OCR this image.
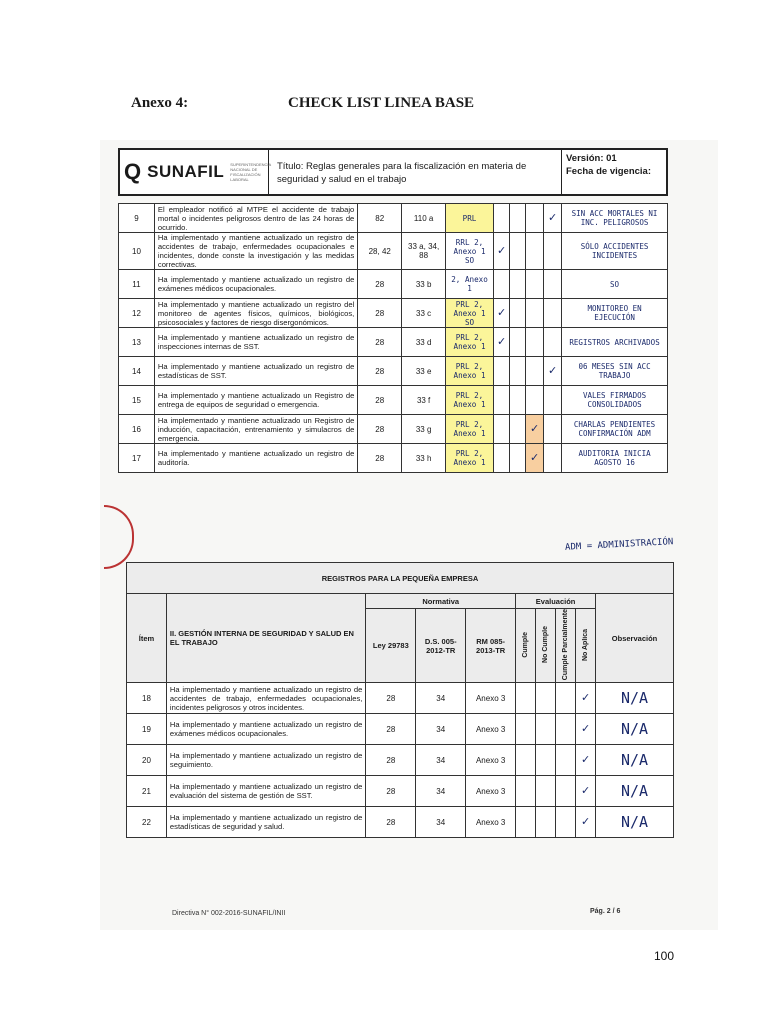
Anexo 4:	CHECK LIST LINEA BASE
Q SUNAFIL SUPERINTENDENCIA NACIONAL DE FISCALIZACIÓN LABORAL
Título: Reglas generales para la fiscalización en materia de seguridad y salud en el trabajo
Versión: 01
Fecha de vigencia:
9	El empleador notificó al MTPE el accidente de trabajo mortal o incidentes peligrosos dentro de las 24 horas de ocurrido.	82	110 a	PRL				✓	SIN ACC MORTALES NI INC. PELIGROSOS
10	Ha implementado y mantiene actualizado un registro de accidentes de trabajo, enfermedades ocupacionales e incidentes, donde conste la investigación y las medidas correctivas.	28, 42	33 a, 34, 88	RRL 2, Anexo 1 SO	✓				SÓLO ACCIDENTES INCIDENTES
11	Ha implementado y mantiene actualizado un registro de exámenes médicos ocupacionales.	28	33 b	2, Anexo 1					SO
12	Ha implementado y mantiene actualizado un registro del monitoreo de agentes físicos, químicos, biológicos, psicosociales y factores de riesgo disergonómicos.	28	33 c	PRL 2, Anexo 1 SO	✓				MONITOREO EN EJECUCIÓN
13	Ha implementado y mantiene actualizado un registro de inspecciones internas de SST.	28	33 d	PRL 2, Anexo 1	✓				REGISTROS ARCHIVADOS
14	Ha implementado y mantiene actualizado un registro de estadísticas de SST.	28	33 e	PRL 2, Anexo 1				✓	06 MESES SIN ACC TRABAJO
15	Ha implementado y mantiene actualizado un Registro de entrega de equipos de seguridad o emergencia.	28	33 f	PRL 2, Anexo 1					VALES FIRMADOS CONSOLIDADOS
16	Ha implementado y mantiene actualizado un Registro de inducción, capacitación, entrenamiento y simulacros de emergencia.	28	33 g	PRL 2, Anexo 1			✓		CHARLAS PENDIENTES CONFIRMACIÓN ADM
17	Ha implementado y mantiene actualizado un registro de auditoría.	28	33 h	PRL 2, Anexo 1			✓		AUDITORIA INICIA AGOSTO 16
ADM = ADMINISTRACIÓN
REGISTROS PARA LA PEQUEÑA EMPRESA									
Ítem	II. GESTIÓN INTERNA DE SEGURIDAD Y SALUD EN EL TRABAJO	Normativa			Evaluación				Observación
		Ley 29783	D.S. 005-2012-TR	RM 085-2013-TR	Cumple	No Cumple	Cumple Parcialmente	No Aplica	
18	Ha implementado y mantiene actualizado un registro de accidentes de trabajo, enfermedades ocupacionales, incidentes peligrosos y otros incidentes.	28	34	Anexo 3				✓	N/A
19	Ha implementado y mantiene actualizado un registro de exámenes médicos ocupacionales.	28	34	Anexo 3				✓	N/A
20	Ha implementado y mantiene actualizado un registro de seguimiento.	28	34	Anexo 3				✓	N/A
21	Ha implementado y mantiene actualizado un registro de evaluación del sistema de gestión de SST.	28	34	Anexo 3				✓	N/A
22	Ha implementado y mantiene actualizado un registro de estadísticas de seguridad y salud.	28	34	Anexo 3				✓	N/A
Directiva N° 002-2016-SUNAFIL/INII	Pág. 2 / 6
100
